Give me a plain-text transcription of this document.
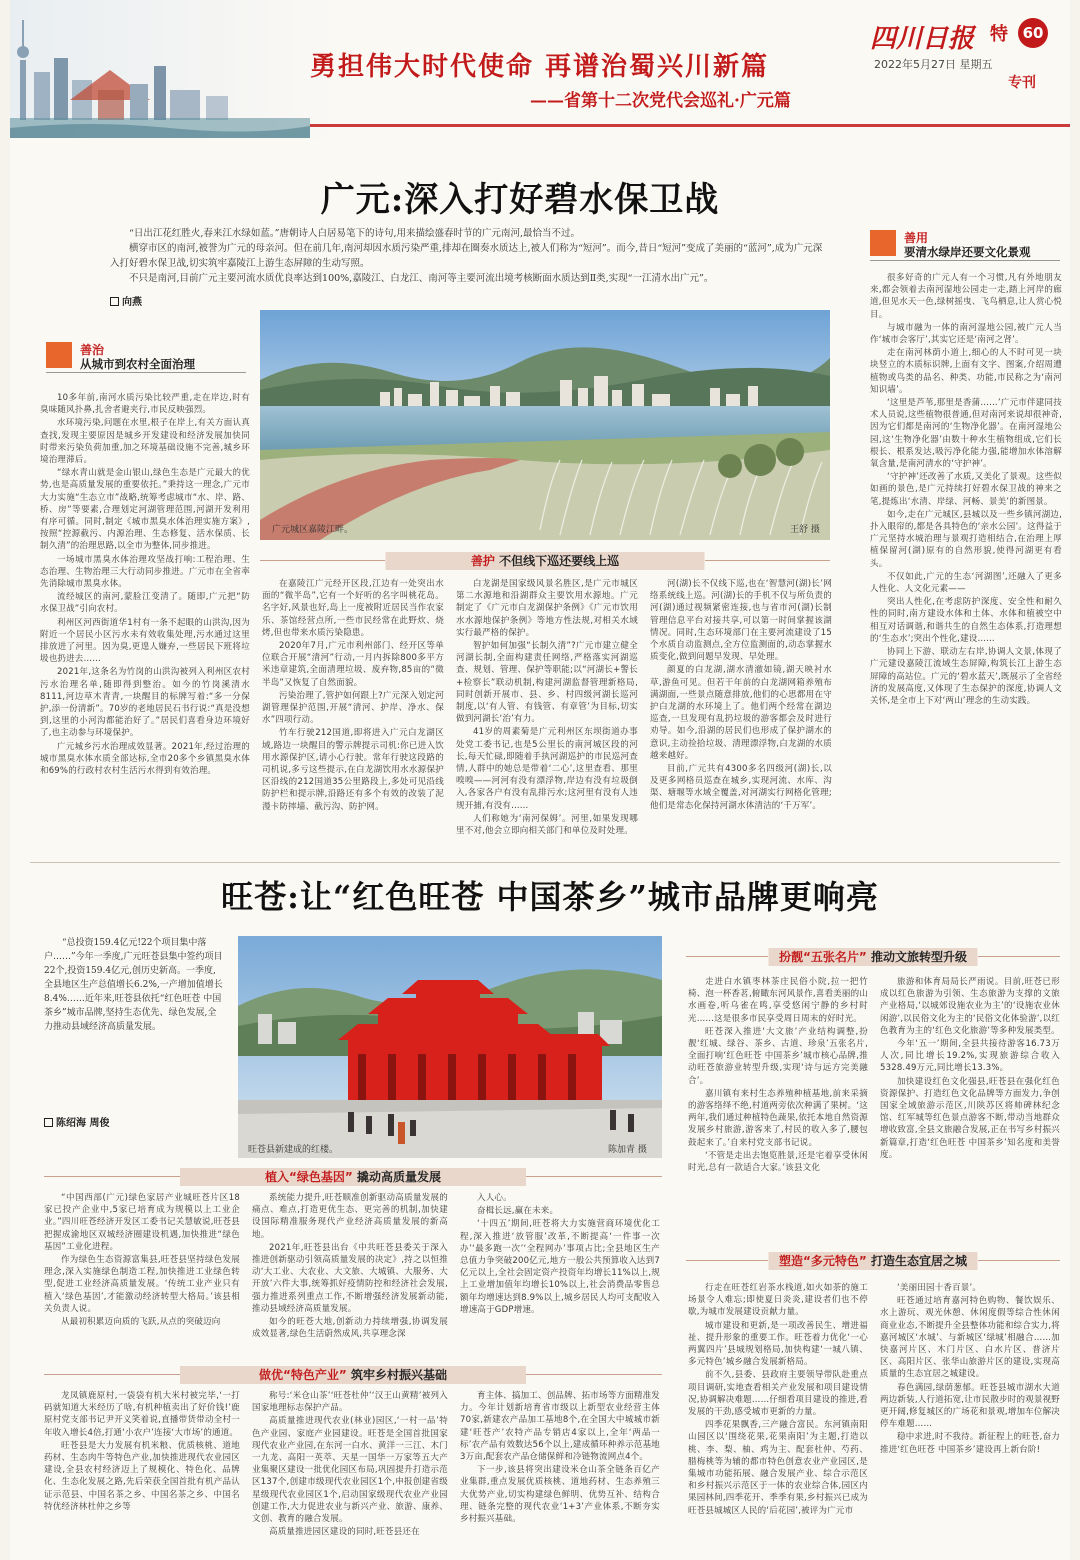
勇担伟大时代使命 再谱治蜀兴川新篇
——省第十二次党代会巡礼·广元篇
四川日报 特 60
2022年5月27日 星期五
专刊
广元:深入打好碧水保卫战

“日出江花红胜火,春来江水绿如蓝。”唐朝诗人白居易笔下的诗句,用来描绘盛春时节的广元南河,最恰当不过。

横穿市区的南河,被誉为广元的母亲河。但在前几年,南河却因水质污染严重,排却在圈奏水质达上,被人们称为“短河”。而今,昔日“短河”变成了美丽的“蓝河”,成为广元深入打好碧水保卫战,切实筑牢嘉陵江上游生态屏障的生动写照。

不只是南河,目前广元主要河流水质优良率达到100%,嘉陵江、白龙江、南河等主要河流出境考核断面水质达到Ⅱ类,实现“一江清水出广元”。

向燕
善治
从城市到农村全面治理
善用
要清水绿岸还要文化景观
广元城区嘉陵江畔。	王舒 摄
善护 不但线下巡还要线上巡

10多年前,南河水质污染比较严重,走在岸边,时有臭味随风扑鼻,扎舍者避夹行,市民反映强烈。

水环境污染,问题在水里,根子在岸上,有关方面认真查找,发现主要原因是城乡开发建设和经济发展加快同时带来污染负荷加重,加之环境基础设施不完善,城乡环境治理滞后。

“绿水青山就是金山银山,绿色生态是广元最大的优势,也是高质量发展的重要依托。”秉持这一理念,广元市大力实施“生态立市”战略,统筹考虑城市“水、岸、路、桥、房”等要素,合理划定河湖管理范围,河湖开发利用有序可循。同时,制定《城市黑臭水体治理实施方案》,按照“控源截污、内源治理、生态修复、活水保质、长制久清”的治理思路,以全市为整体,同步推进。

一场城市黑臭水体治理攻坚战打响:工程治理、生态治理、生物治理三大行动同步推进。广元市在全省率先消除城市黑臭水体。

流经城区的南河,蒙脸江变清了。随即,广元把“防水保卫战”引向农村。

利州区河西街道华1村有一条不起眼的山洪沟,因为附近一个居民小区污水未有效收集处理,污水通过这里排放进了河里。因为臭,更遑人嫌弃,一些居民下班将垃圾也扔进去……

2021年,这条名为竹岗的山洪沟被列入利州区农村污水治理名单,随即得到整治。如今的竹岗溪清水8111,河边草木青青,一块醒目的标牌写着:“多一分保护,添一份清新”。70岁的老地居民石书行说:“真是没想到,这里的小河沟都能治好了。”居民们喜看身边环境好了,也主动参与环境保护。

广元城乡污水治理成效显著。2021年,经过治理的城市黑臭水体水质全部达标,全市20多个乡镇黑臭水体和69%的行政村农村生活污水得到有效治理。

在嘉陵江广元经开区段,江边有一处突出水面的“微半岛”,它有一个好听的名字叫桃花岛。名字好,风景也好,岛上一度被附近居民当作农家乐、茶馆经营点所,一些市民经常在此野炊、烧烤,但也带来水质污染隐患。

2020年7月,广元市利州部门、经开区等单位联合开展“清河”行动,一月内拆除800多平方米违章建筑,全面清理垃圾、废弃物,85亩的“微半岛”又恢复了自然面貌。

污染治理了,管护如何跟上?广元深入划定河湖管理保护范围,开展“清河、护岸、净水、保水”四项行动。

竹车行驶212国道,即将进入广元白龙湖区域,路边一块醒目的警示牌提示司机:你已进入饮用水源保护区,请小心行驶。常年行驶这段路的司机说,多亏这些提示,在白龙湖饮用水水源保护区沿线的212国道35公里路段上,多处可见沿线防护栏和提示牌,沿路还有多个有效的改装了泥漫卡防摔墙、截污沟、防护网。

白龙湖是国家级风景名胜区,是广元市城区第二水源地和沿湖群众主要饮用水源地。广元制定了《广元市白龙湖保护条例》《广元市饮用水水源地保护条例》等地方性法规,对相关水域实行最严格的保护。

智护如何加强“长制久清”?广元市建立健全河湖长制,全面构建责任网络,严格落实河湖巡查、规划、管理、保护等职能;以“河湖长+警长+检察长”联动机制,构建河湖监督管理新格局,同时创新开展市、县、乡、村四级河湖长巡河制度,以‘有人管、有钱管、有章管’为目标,切实做到河湖长‘治’有力。

41岁的周素菊是广元利州区东坝街道办事处党工委书记,也是5公里长的南河城区段的河长,每天忙碌,即随着手执河湖巡护的市民巡河查情,人群中的她总是带着‘二心’,这里查看、那里嗅嗅——河河有没有漂浮物,岸边有没有垃圾倒入,各家各户有没有乱排污水;这河里有没有人违规开捕,有没有……

人们称她为‘南河保姆’。河里,如果发现哪里不对,他会立即向相关部门和单位及时处理。

河(湖)长不仅线下巡,也在‘智慧河(湖)长’网络系统线上巡。河(湖)长的手机不仅与所负责的河(湖)通过视频紧密连接,也与省市河(湖)长制管理信息平台对接共享,可以第一时间掌握该湖情况。同时,生态环境部门在主要河流建设了15个水质自动监测点,全方位监测面的,动态掌握水质变化,做到问题早发现、早处理。

颜夏的白龙湖,湖水清澈如镜,湖天映衬水草,游鱼可见。但若干年前的白龙湖网箱养殖布满湖面,一些景点随意排放,他们的心思都用在守护白龙湖的水环境上了。他们两个经常在湖边巡查,一旦发现有乱扔垃圾的游客都会及时进行劝导。如今,沿湖的居民们也形成了保护湖水的意识,主动捡拾垃圾、清理漂浮物,白龙湖的水质越来越好。

目前,广元共有4300多名四级河(湖)长,以及更多网格员巡查在城乡,实现河流、水库、沟渠、塘堰等水域全覆盖,对河湖实行网格化管理;他们是常态化保持河湖水体清洁的‘千万军’。

很多好奇的广元人有一个习惯,凡有外地朋友来,都会领着去南河湿地公园走一走,踏上河岸的廊道,但见水天一色,绿树摇曳、飞鸟栖息,让人赏心悦目。

与城市融为一体的南河湿地公园,被广元人当作‘城市会客厅’,其实它还是‘南河之肾’。

走在南河林荫小道上,细心的人不时可见一块块竖立的木质标识牌,上面有文字、图案,介绍周遭植物或鸟类的品名、种类、功能,市民称之为‘南河知识墙’。

‘这里是芦苇,那里是香蒲……’广元市伴建同技术人员说,这些植物很普通,但对南河来说却很神奇,因为它们都是南河的‘生物净化器’。在南河湿地公园,这‘生物净化器’由数十种水生植物组成,它们长根长、根系发达,吸污净化能力强,能增加水体溶解氧含量,是南河清水的‘守护神’。

‘守护神’还改善了水质,又美化了景观。这些似如画的景色,是广元持续打好碧水保卫战的神来之笔,提炼出‘水清、岸绿、河畅、景美’的新图景。

如今,走在广元城区,县城以及一些乡镇河湖边,扑入眼帘的,都是各具特色的‘亲水公园’。这得益于广元坚持水城治理与景观打造相结合,在治理上厚植保留河(湖)原有的自然形貌,使得河湖更有看头。

不仅如此,广元的生态‘河湖图’,还融入了更多人性化、人文化元素——

突出人性化,在考虑防护深度、安全性和耐久性的同时,南方建设水体和土体、水体和植被空中相互对话调谐,和谐共生的自然生态体系,打造理想的‘生态水’;突出个性化,建设……

协同上下游、联动左右岸,协调人文景,体现了广元建设嘉陵江流域生态屏障,构筑长江上游生态屏障的高站位。广元的‘碧水蓝天’,既展示了全省经济的发展高度,又体现了生态保护的深度,协调人文关怀,是全市上下对‘两山’理念的生动实践。

旺苍:让“红色旺苍 中国茶乡”城市品牌更响亮

“总投资159.4亿元!22个项目集中落户……”今年一季度,广元旺苍县集中签约项目22个,投资159.4亿元,创历史新高。一季度,全县地区生产总值增长6.2%,一产增加值增长8.4%……近年来,旺苍县依托“红色旺苍 中国茶乡”城市品牌,坚持生态优先、绿色发展,全力推动县域经济高质量发展。

陈绍海 周俊
旺苍县新建成的红楼。	陈加青 摄
扮靓“五张名片” 推动文旅转型升级
塑造“多元特色” 打造生态宜居之城
植入“绿色基因” 撬动高质量发展
做优“特色产业” 筑牢乡村振兴基础

“中国西部(广元)绿色家居产业城旺苍片区18家已投产企业中,5家已培育成为规模以上工业企业。”四川旺苍经济开发区工委书记关慧敏说,旺苍县把握成渝地区双城经济圈建设机遇,加快推进“绿色基因”工业化进程。

作为绿色生态资源富集县,旺苍县坚持绿色发展理念,深入实施绿色制造工程,加快推进工业绿色转型,促进工业经济高质量发展。‘传统工业产业只有植入‘绿色基因’,才能激动经济转型大格局。’该县相关负责人说。

从最初积累迈向质的飞跃,从点的突破迈向

系统能力提升,旺苍顺准创新驱动高质量发展的痛点、难点,打造更优生态、更完善的机制,加快建设国际精准服务现代产业经济高质量发展的新高地。

2021年,旺苍县出台《中共旺苍县委关于深入推进创新驱动引领高质量发展的决定》,持之以恒推动‘大工业、大农业、大文旅、大城镇、大服务、大开放’六件大事,统筹抓好疫情防控和经济社会发展,强力推进系列重点工作,不断增强经济发展新动能,推动县域经济高质量发展。

如今的旺苍大地,创新动力持续增强,协调发展成效显著,绿色生活蔚然成风,共享理念深

入人心。

奋楫长远,赢在未来。

‘十四五’期间,旺苍将大力实施营商环境优化工程,深入推进‘放管服’改革,不断提高‘一件事一次办’‘最多跑一次’‘全程网办’事项占比;全县地区生产总值力争突破200亿元,地方一般公共预算收入达到7亿元以上,全社会固定资产投资年均增长11%以上,规上工业增加值年均增长10%以上,社会消费品零售总额年均增速达到8.9%以上,城乡居民人均可支配收入增速高于GDP增速。

龙凤镇鹿原村,一袋袋有机大米村被完毕,‘一打码就知道大米经历了啥,有机种植卖出了好价钱!’鹿原村党支部书记尹开义笑着说,直播带货带动全村一年收入增长4倍,打通‘小农户’连接‘大市场’的通道。

旺苍县是大力发展有机米粮、优质核桃、道地药材、生态肉牛等特色产业,加快推进现代农业园区建设,全县农村经济迈上了规模化、特色化、品牌化、生态化发展之路,先后荣获全国首批有机产品认证示范县、中国名茶之乡、中国名茶之乡、中国名特优经济林杜仲之乡等

称号:‘米仓山茶’‘旺苍杜仲’‘汉王山黄精’被列入国家地理标志保护产品。

高质量推进现代农业(林业)园区,‘一村一品’特色产业园、家庭产业园建设。旺苍是全国首批国家现代农业产业园,在东河一白水、黄洋一三江、木门一九龙、高阳一英萃、天星一国华一万家等五大产业集聚区建设一批优化园区布局,巩固提升打造示范区137个,创建市级现代农业园区1个,申报创建省级星级现代农业园区1个,启动国家级现代农业产业园创建工作,大力促进农业与新兴产业、旅游、康养、文创、教育的融合发展。

高质量推进园区建设的同时,旺苍县还在

育主体、搞加工、创品牌、拓市场等方面精准发力。今年计划新培育省市级以上新型农业经营主体70家,新建农产品加工基地8个,在全国大中城城市新建‘旺苍产’农特产品专销店4家以上,全年‘两品一标’农产品有效数达56个以上,建成循环种养示范基地3万亩,配套农产品仓储保鲜和冷链物流网点4个。

下一步,该县将突出建设米仓山茶全链条百亿产业集群,重点发展优质核桃、道地药材、生态养殖三大优势产业,切实构建绿色鲜明、优势互补、结构合理、链条完整的现代农业‘1+3’产业体系,不断夯实乡村振兴基础。

走进白水镇枣林茶庄民俗小院,拉一把竹椅、泡一杯香茗,俯瞰东河风景作,喜看美丽的山水画卷,听乌雀在鸣,享受悠闲宁静的乡村时光……这是很多市民享受周日周末的好时光。

旺苍深入推进‘大文旅’产业结构调整,扮靓‘红城、绿谷、茶乡、古道、珍泉’五张名片,全面打响‘红色旺苍 中国茶乡’城市核心品牌,推动旺苍旅游业转型升级,实现‘诗与远方完美融合’。

嘉川镇有来村生态养殖种植基地,前来采摘的游客络绎不绝,村道两旁依次种满了果树。‘这两年,我们通过种植特色蔬果,依托本地自然资源发展乡村旅游,游客来了,村民的收入多了,腰包鼓起来了。’自来村党支部书记说。

‘不管是走出去饱览胜景,还是宅着享受休闲时光,总有一款适合大家。’该县文化

旅游和体育局局长严雨说。目前,旺苍已形成以红色旅游为引领、生态旅游为支撑的文旅产业格局,‘以城郊设施农业为主’的‘设施农业休闲游’,以民俗文化为主的‘民俗文化体验游’,以红色教育为主的‘红色文化旅游’等多种发展类型。

今年‘五一’期间,全县共接待游客16.73万人次,同比增长19.2%,实现旅游综合收入5328.49万元,同比增长13.3%。

加快建设红色文化强县,旺苍县在强化红色资源保护、打造红色文化品牌等方面发力,争创国家全域旅游示范区,川陕苏区将帅碑林纪念馆、红军城等红色景点游客不断,带动当地群众增收致富,全县文旅融合发展,正在书写乡村振兴新篇章,打造‘红色旺苍 中国茶乡’知名度和美誉度。

行走在旺苍红岩茶水栈道,如火如荼的施工场景令人难忘;即使夏日炎炎,建设者们也不停歇,为城市发展建设贡献力量。

城市建设和更新,是一项改善民生、增进福祉、提升形象的重要工作。旺苍着力优化‘一心两翼四片’县城规划格局,加快构建‘一城八镇、多元特色’城乡融合发展新格局。

前不久,县委、县政府主要领导带队赴重点项目调研,实地查看相关产业发展和项目建设情况,协调解决难题……仔细看项目建设的推进,看发展的干劲,感受城市更新的力量。

四季花果飘香,三产融合富民。东河镇南阳山园区以‘围绕花果,花果南阳’为主题,打造以桃、李、梨、柚、鸡为主、配套杜仲、芍药、腊梅桃等为辅的都市特色创意农业产业园区,是集城市功能拓展、融合发展产业、综合示范区和乡村振兴示范区于一体的农业综合体,园区内果园林间,四季花开、季季有果,乡村振兴已成为旺苍县城城区人民的‘后花园’,被评为广元市

‘美丽田园十香百景’。

旺苍通过培育嘉河特色购物、餐饮娱乐、水上游玩、观光休憩、休闲度假等综合性休闲商业业态,不断提升全县整体功能和综合实力,将嘉河城区‘水城’、与新城区‘绿城’相融合……加快嘉河片区、木门片区、白水片区、普济片区、高阳片区、张华山旅游片区的建设,实现高质量的生态宜居之城建设。

春色满园,绿荫葱郁。旺苍县城市湖水大道两边新装,人行道拓宽,让市民散步时的观景视野更开阔,修复城区的广场花和景观,增加车位解决停车难题……

稳中求进,时不我待。新征程上的旺苍,奋力推进‘红色旺苍 中国茶乡’建设再上新台阶!
